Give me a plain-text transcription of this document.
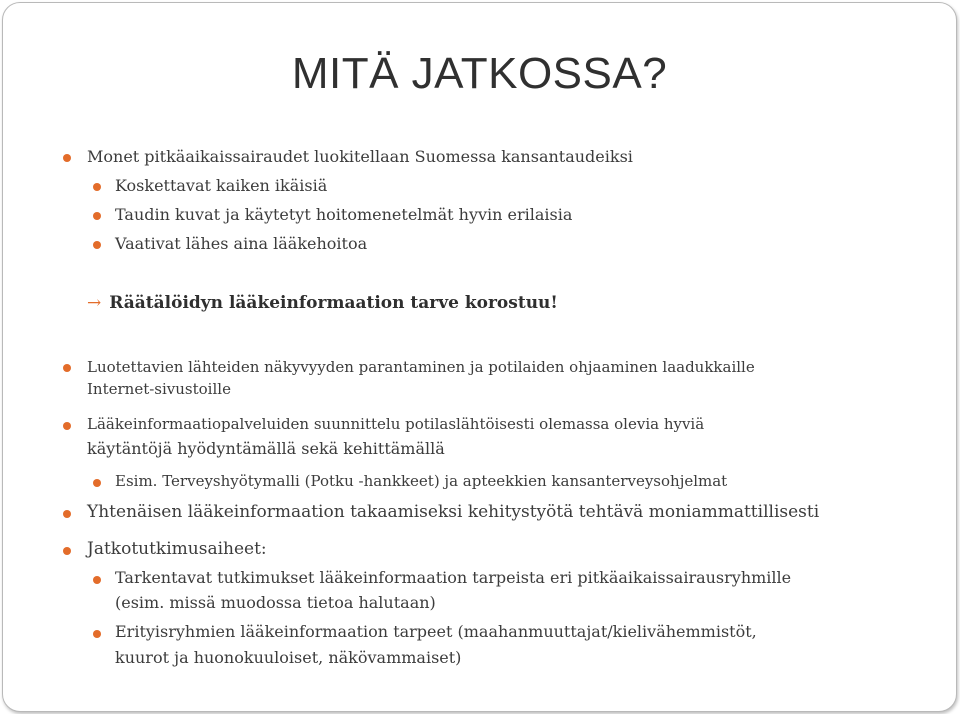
MITÄ JATKOSSA?
Monet pitkäaikaissairaudet luokitellaan Suomessa kansantaudeiksi
Koskettavat kaiken ikäisiä
Taudin kuvat ja käytetyt hoitomenetelmät hyvin erilaisia
Vaativat lähes aina lääkehoitoa
→ Räätälöidyn lääkeinformaation tarve korostuu!
Luotettavien lähteiden näkyvyyden parantaminen ja potilaiden ohjaaminen laadukkaille
Internet-sivustoille
Lääkeinformaatiopalveluiden suunnittelu potilaslähtöisesti olemassa olevia hyviä
käytäntöjä hyödyntämällä sekä kehittämällä
Esim. Terveyshyötymalli (Potku -hankkeet) ja apteekkien kansanterveysohjelmat
Yhtenäisen lääkeinformaation takaamiseksi kehitystyötä tehtävä moniammattillisesti
Jatkotutkimusaiheet:
Tarkentavat tutkimukset lääkeinformaation tarpeista eri pitkäaikaissairausryhmille
(esim. missä muodossa tietoa halutaan)
Erityisryhmien lääkeinformaation tarpeet (maahanmuuttajat/kielivähemmistöt,
kuurot ja huonokuuloiset, näkövammaiset)
